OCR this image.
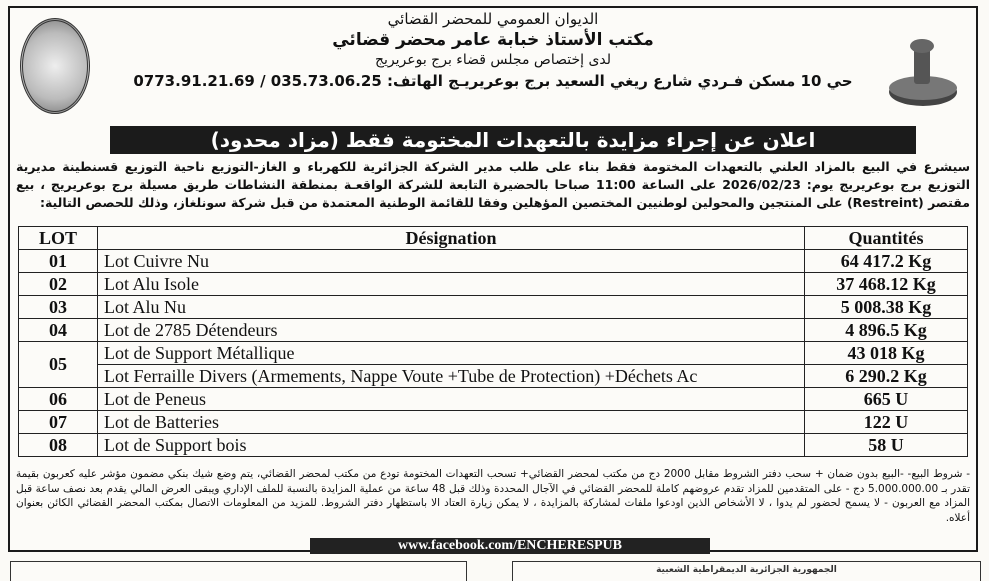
الديوان العمومي للمحضر القضائي
مكتب الأستاذ خبابة عامر محضر قضائي
لدى إختصاص مجلس قضاء برج بوعريريج
حي 10 مسكن فـردي شارع ريغي السعيد برج بوعريريـج الهاتف: 035.73.06.25 / 0773.91.21.69
اعلان عن إجراء مزايدة بالتعهدات المختومة فقط (مزاد محدود)
سيشرع في البيع بالمزاد العلني بالتعهدات المختومة فقط بناء على طلب مدير الشركة الجزائرية للكهرباء و الغاز-التوزيع ناحية التوزيع قسنطينة مديرية التوزيع برج بوعريريج يوم: 2026/02/23 على الساعة 11:00 صباحا بالحضيرة التابعة للشركة الواقعـة بمنطقة النشاطات طريق مسيلة برج بوعريريج ، بيع مقتصر (Restreint) على المنتجين والمحولين لوطنيين المختصين المؤهلين وفقا للقائمة الوطنية المعتمدة من قبل شركة سونلغاز، وذلك للحصص التالية:
LOT	Désignation	Quantités
01	Lot Cuivre Nu	64 417.2 Kg
02	Lot Alu Isole	37 468.12 Kg
03	Lot Alu Nu	5 008.38 Kg
04	Lot de 2785 Détendeurs	4 896.5 Kg
05	Lot de Support Métallique	43 018 Kg
	Lot Ferraille Divers (Armements, Nappe Voute +Tube de Protection) +Déchets Ac	6 290.2 Kg
06	Lot de Peneus	665 U
07	Lot de Batteries	122 U
08	Lot de Support bois	58 U
- شروط البيع- -البيع بدون ضمان + سحب دفتر الشروط مقابل 2000 دج من مكتب لمحضر القضائي+ تسحب التعهدات المختومة تودع من مكتب لمحضر القضائي، يتم وضع شيك بنكي مضمون مؤشر عليه كعربون بقيمة تقدر بـ 5.000.000.00 دج - على المتقدمين للمزاد تقدم عروضهم كاملة للمحضر القضائي في الآجال المحددة وذلك قبل 48 ساعة من عملية المزايدة بالنسبة للملف الإداري ويبقى العرض المالي يقدم بعد نصف ساعة قبل المزاد مع العربون - لا يسمح لحضور لم يدوا ، لا الأشخاص الذين اودعوا ملفات لمشاركة بالمزايدة ، لا يمكن زيارة العتاد الا باستظهار دفتر الشروط. للمزيد من المعلومات الاتصال بمكتب المحضر القضائي الكائن بعنوان أعلاه.
www.facebook.com/ENCHERESPUB
الجمهورية الجزائرية الديمقراطية الشعبية
